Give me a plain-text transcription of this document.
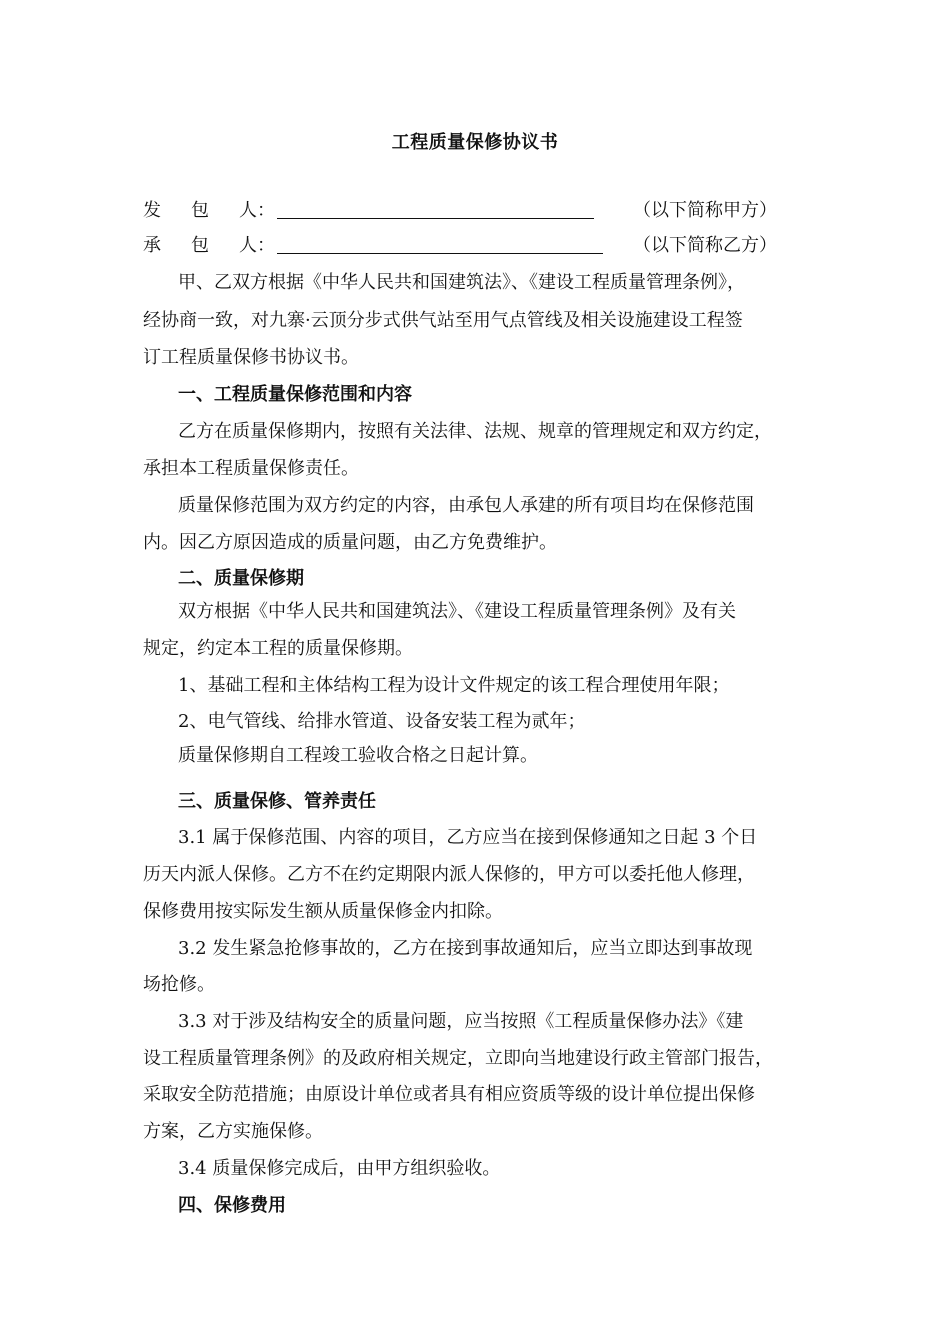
工程质量保修协议书
发 包 人：	（以下简称甲方）
承 包 人：	（以下简称乙方）
甲、乙双方根据《中华人民共和国建筑法》、《建设工程质量管理条例》，
经协商一致，对九寨·云顶分步式供气站至用气点管线及相关设施建设工程签
订工程质量保修书协议书。
一、工程质量保修范围和内容
乙方在质量保修期内，按照有关法律、法规、规章的管理规定和双方约定，
承担本工程质量保修责任。
质量保修范围为双方约定的内容，由承包人承建的所有项目均在保修范围
内。因乙方原因造成的质量问题，由乙方免费维护。
二、质量保修期
双方根据《中华人民共和国建筑法》、《建设工程质量管理条例》及有关
规定，约定本工程的质量保修期。
1、基础工程和主体结构工程为设计文件规定的该工程合理使用年限；
2、电气管线、给排水管道、设备安装工程为贰年；
质量保修期自工程竣工验收合格之日起计算。
三、质量保修、管养责任
3.1 属于保修范围、内容的项目，乙方应当在接到保修通知之日起 3 个日
历天内派人保修。乙方不在约定期限内派人保修的，甲方可以委托他人修理，
保修费用按实际发生额从质量保修金内扣除。
3.2 发生紧急抢修事故的，乙方在接到事故通知后，应当立即达到事故现
场抢修。
3.3 对于涉及结构安全的质量问题，应当按照《工程质量保修办法》《建
设工程质量管理条例》的及政府相关规定，立即向当地建设行政主管部门报告，
采取安全防范措施；由原设计单位或者具有相应资质等级的设计单位提出保修
方案，乙方实施保修。
3.4 质量保修完成后，由甲方组织验收。
四、保修费用
